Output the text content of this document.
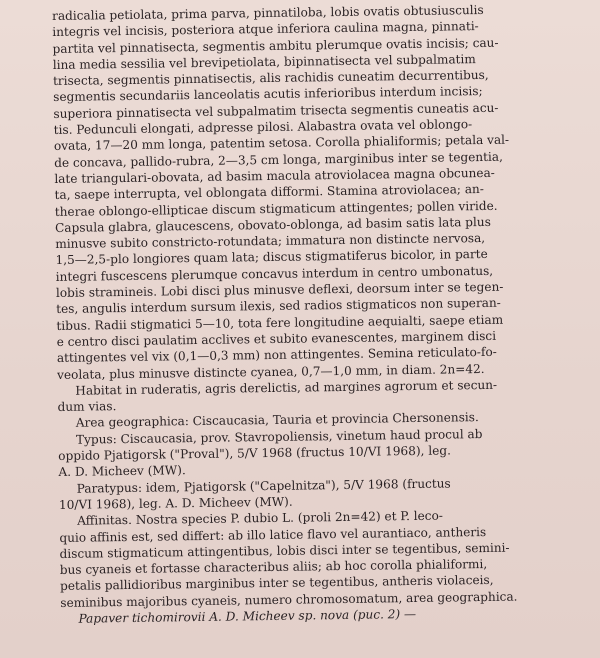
radicalia petiolata, prima parva, pinnatiloba, lobis ovatis obtusiusculis
integris vel incisis, posteriora atque inferiora caulina magna, pinnati-
partita vel pinnatisecta, segmentis ambitu plerumque ovatis incisis; cau-
lina media sessilia vel brevipetiolata, bipinnatisecta vel subpalmatim
trisecta, segmentis pinnatisectis, alis rachidis cuneatim decurrentibus,
segmentis secundariis lanceolatis acutis inferioribus interdum incisis;
superiora pinnatisecta vel subpalmatim trisecta segmentis cuneatis acu-
tis. Pedunculi elongati, adpresse pilosi. Alabastra ovata vel oblongo-
ovata, 17—20 mm longa, patentim setosa. Corolla phialiformis; petala val-
de concava, pallido-rubra, 2—3,5 cm longa, marginibus inter se tegentia,
late triangulari-obovata, ad basim macula atroviolacea magna obcunea-
ta, saepe interrupta, vel oblongata difformi. Stamina atroviolacea; an-
therae oblongo-ellipticae discum stigmaticum attingentes; pollen viride.
Capsula glabra, glaucescens, obovato-oblonga, ad basim satis lata plus
minusve subito constricto-rotundata; immatura non distincte nervosa,
1,5—2,5-plo longiores quam lata; discus stigmatiferus bicolor, in parte
integri fuscescens plerumque concavus interdum in centro umbonatus,
lobis stramineis. Lobi disci plus minusve deflexi, deorsum inter se tegen-
tes, angulis interdum sursum ilexis, sed radios stigmaticos non superan-
tibus. Radii stigmatici 5—10, tota fere longitudine aequialti, saepe etiam
e centro disci paulatim acclives et subito evanescentes, marginem disci
attingentes vel vix (0,1—0,3 mm) non attingentes. Semina reticulato-fo-
veolata, plus minusve distincte cyanea, 0,7—1,0 mm, in diam. 2n=42.
Habitat in ruderatis, agris derelictis, ad margines agrorum et secun-
dum vias.
Area geographica: Ciscaucasia, Tauria et provincia Chersonensis.
Typus: Ciscaucasia, prov. Stavropoliensis, vinetum haud procul ab
oppido Pjatigorsk ("Proval"), 5/V 1968 (fructus 10/VI 1968), leg.
A. D. Micheev (MW).
Paratypus: idem, Pjatigorsk ("Capelnitza"), 5/V 1968 (fructus
10/VI 1968), leg. A. D. Micheev (MW).
Affinitas. Nostra species P. dubio L. (proli 2n=42) et P. leco-
quio affinis est, sed differt: ab illo latice flavo vel aurantiaco, antheris
discum stigmaticum attingentibus, lobis disci inter se tegentibus, semini-
bus cyaneis et fortasse characteribus aliis; ab hoc corolla phialiformi,
petalis pallidioribus marginibus inter se tegentibus, antheris violaceis,
seminibus majoribus cyaneis, numero chromosomatum, area geographica.
Papaver tichomirovii A. D. Micheev sp. nova (рис. 2) —
